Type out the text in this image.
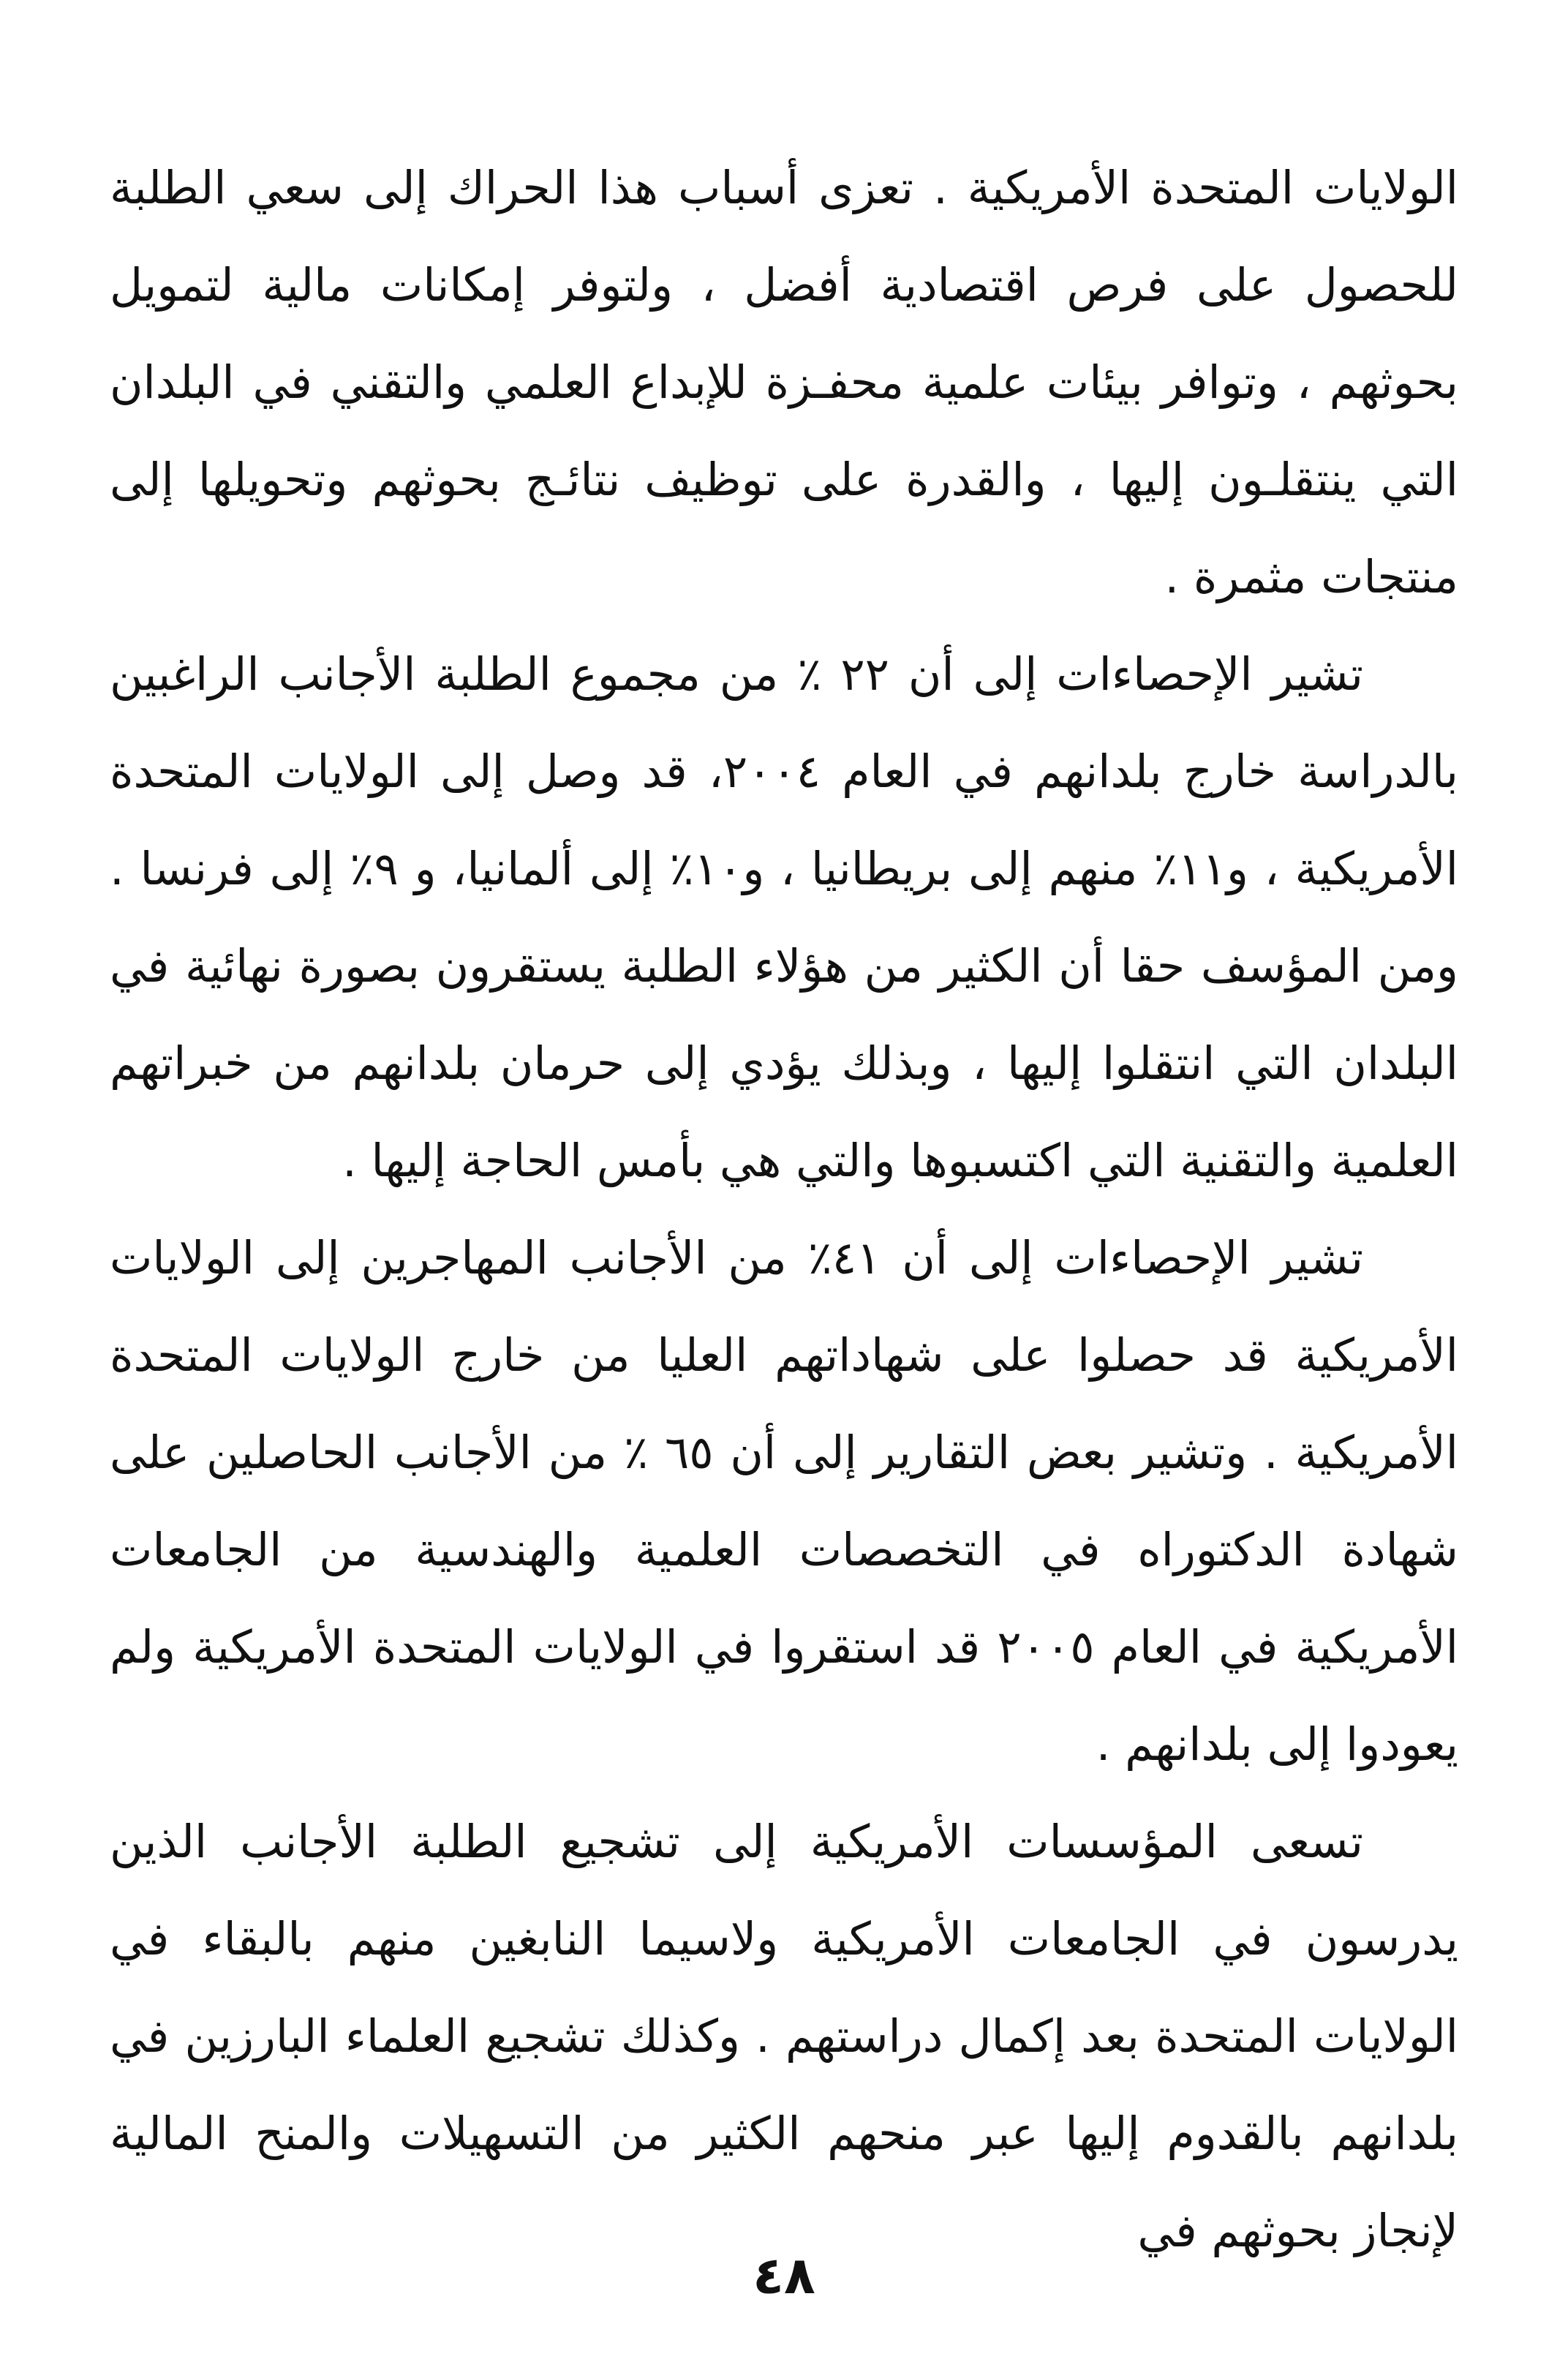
الولايات المتحدة الأمريكية . تعزى أسباب هذا الحراك إلى سعي الطلبة للحصول على فرص اقتصادية أفضل ، ولتوفر إمكانات مالية لتمويل بحوثهم ، وتوافر بيئات علمية محفـزة للإبداع العلمي والتقني في البلدان التي ينتقلـون إليها ، والقدرة على توظيف نتائـج بحوثهم وتحويلها إلى منتجات مثمرة .

تشير الإحصاءات إلى أن ٢٢ ٪ من مجموع الطلبة الأجانب الراغبين بالدراسة خارج بلدانهم في العام ٢٠٠٤، قد وصل إلى الولايات المتحدة الأمريكية ، و١١٪ منهم إلى بريطانيا ، و١٠٪ إلى ألمانيا، و ٩٪ إلى فرنسا . ومن المؤسف حقا أن الكثير من هؤلاء الطلبة يستقرون بصورة نهائية في البلدان التي انتقلوا إليها ، وبذلك يؤدي إلى حرمان بلدانهم من خبراتهم العلمية والتقنية التي اكتسبوها والتي هي بأمس الحاجة إليها .

تشير الإحصاءات إلى أن ٤١٪ من الأجانب المهاجرين إلى الولايات الأمريكية قد حصلوا على شهاداتهم العليا من خارج الولايات المتحدة الأمريكية . وتشير بعض التقارير إلى أن ٦٥ ٪ من الأجانب الحاصلين على شهادة الدكتوراه في التخصصات العلمية والهندسية من الجامعات الأمريكية في العام ٢٠٠٥ قد استقروا في الولايات المتحدة الأمريكية ولم يعودوا إلى بلدانهم .

تسعى المؤسسات الأمريكية إلى تشجيع الطلبة الأجانب الذين يدرسون في الجامعات الأمريكية ولاسيما النابغين منهم بالبقاء في الولايات المتحدة بعد إكمال دراستهم . وكذلك تشجيع العلماء البارزين في بلدانهم بالقدوم إليها عبر منحهم الكثير من التسهيلات والمنح المالية لإنجاز بحوثهم في

٤٨
